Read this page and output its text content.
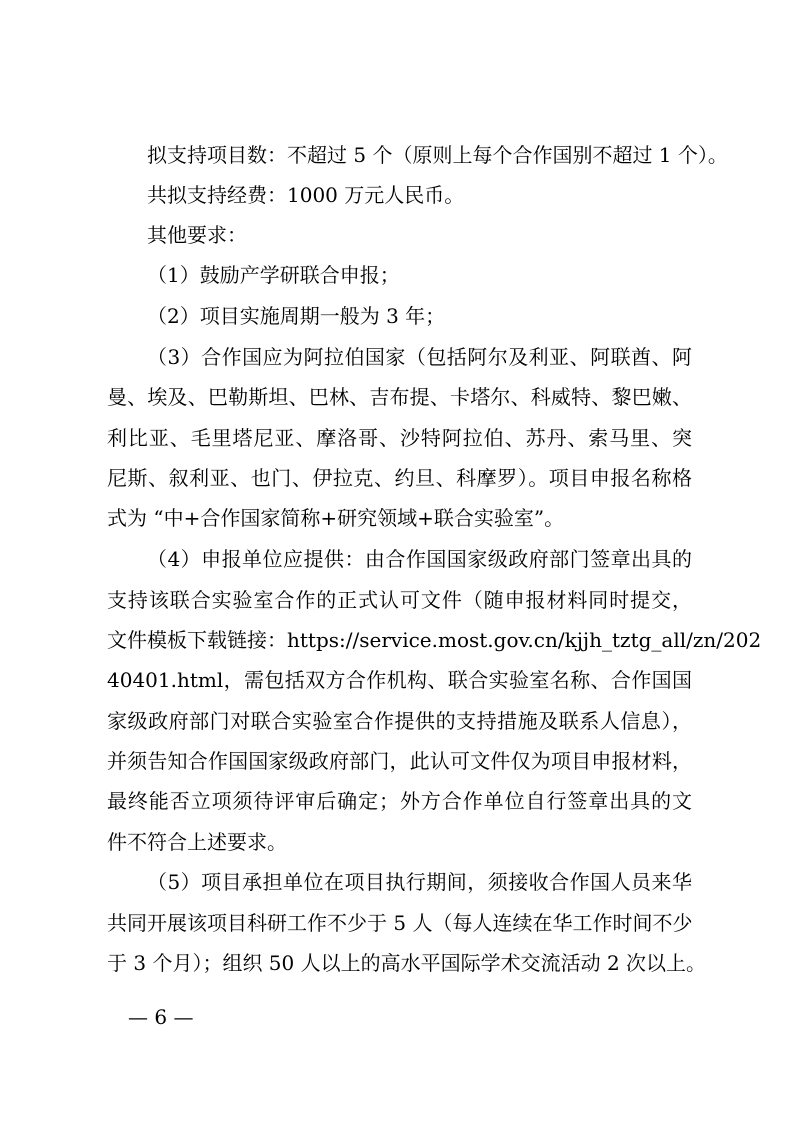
拟支持项目数：不超过 5 个（原则上每个合作国别不超过 1 个）。
共拟支持经费：1000 万元人民币。
其他要求：
（1）鼓励产学研联合申报；
（2）项目实施周期一般为 3 年；
（3）合作国应为阿拉伯国家（包括阿尔及利亚、阿联酋、阿
曼、埃及、巴勒斯坦、巴林、吉布提、卡塔尔、科威特、黎巴嫩、
利比亚、毛里塔尼亚、摩洛哥、沙特阿拉伯、苏丹、索马里、突
尼斯、叙利亚、也门、伊拉克、约旦、科摩罗）。项目申报名称格
式为 “中+合作国家简称+研究领域+联合实验室”。
（4）申报单位应提供：由合作国国家级政府部门签章出具的
支持该联合实验室合作的正式认可文件（随申报材料同时提交，
文件模板下载链接：https://service.most.gov.cn/kjjh_tztg_all/zn/202
40401.html，需包括双方合作机构、联合实验室名称、合作国国
家级政府部门对联合实验室合作提供的支持措施及联系人信息），
并须告知合作国国家级政府部门，此认可文件仅为项目申报材料，
最终能否立项须待评审后确定；外方合作单位自行签章出具的文
件不符合上述要求。
（5）项目承担单位在项目执行期间，须接收合作国人员来华
共同开展该项目科研工作不少于 5 人（每人连续在华工作时间不少
于 3 个月）；组织 50 人以上的高水平国际学术交流活动 2 次以上。
— 6 —
